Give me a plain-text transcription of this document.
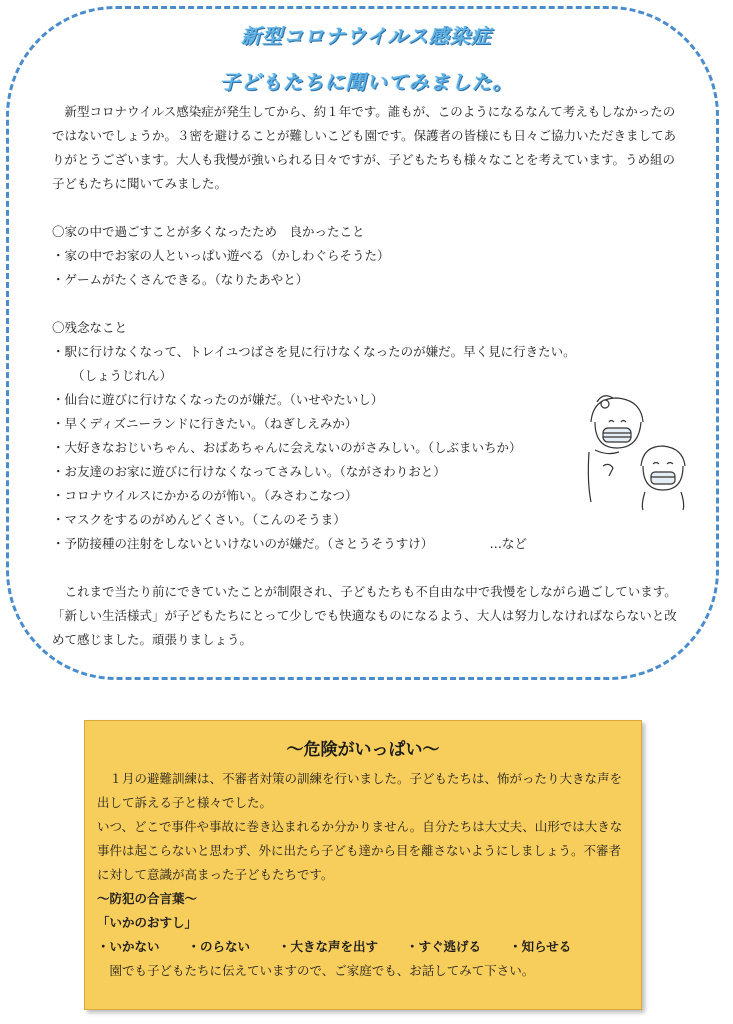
新型コロナウイルス感染症
子どもたちに聞いてみました。

新型コロナウイルス感染症が発生してから、約１年です。誰もが、このようになるなんて考えもしなかったのではないでしょうか。３密を避けることが難しいこども園です。保護者の皆様にも日々ご協力いただきましてありがとうございます。大人も我慢が強いられる日々ですが、子どもたちも様々なことを考えています。うめ組の子どもたちに聞いてみました。

〇家の中で過ごすことが多くなったため　良かったこと

・家の中でお家の人といっぱい遊べる（かしわぐらそうた）

・ゲームがたくさんできる。（なりたあやと）

〇残念なこと

・駅に行けなくなって、トレイユつばさを見に行けなくなったのが嫌だ。早く見に行きたい。

（しょうじれん）

・仙台に遊びに行けなくなったのが嫌だ。（いせやたいし）

・早くディズニーランドに行きたい。（ねぎしえみか）

・大好きなおじいちゃん、おばあちゃんに会えないのがさみしい。（しぶまいちか）

・お友達のお家に遊びに行けなくなってさみしい。（ながさわりおと）

・コロナウイルスにかかるのが怖い。（みさわこなつ）

・マスクをするのがめんどくさい。（こんのそうま）

・予防接種の注射をしないといけないのが嫌だ。（さとうそうすけ）　　　　　…など

これまで当たり前にできていたことが制限され、子どもたちも不自由な中で我慢をしながら過ごしています。「新しい生活様式」が子どもたちにとって少しでも快適なものになるよう、大人は努力しなければならないと改めて感じました。頑張りましょう。

～危険がいっぱい～

１月の避難訓練は、不審者対策の訓練を行いました。子どもたちは、怖がったり大きな声を出して訴える子と様々でした。

いつ、どこで事件や事故に巻き込まれるか分かりません。自分たちは大丈夫、山形では大きな事件は起こらないと思わず、外に出たら子ども達から目を離さないようにしましょう。不審者に対して意識が高まった子どもたちです。

～防犯の合言葉～

「いかのおすし」

・いかない ・のらない ・大きな声を出す ・すぐ逃げる ・知らせる

園でも子どもたちに伝えていますので、ご家庭でも、お話してみて下さい。
